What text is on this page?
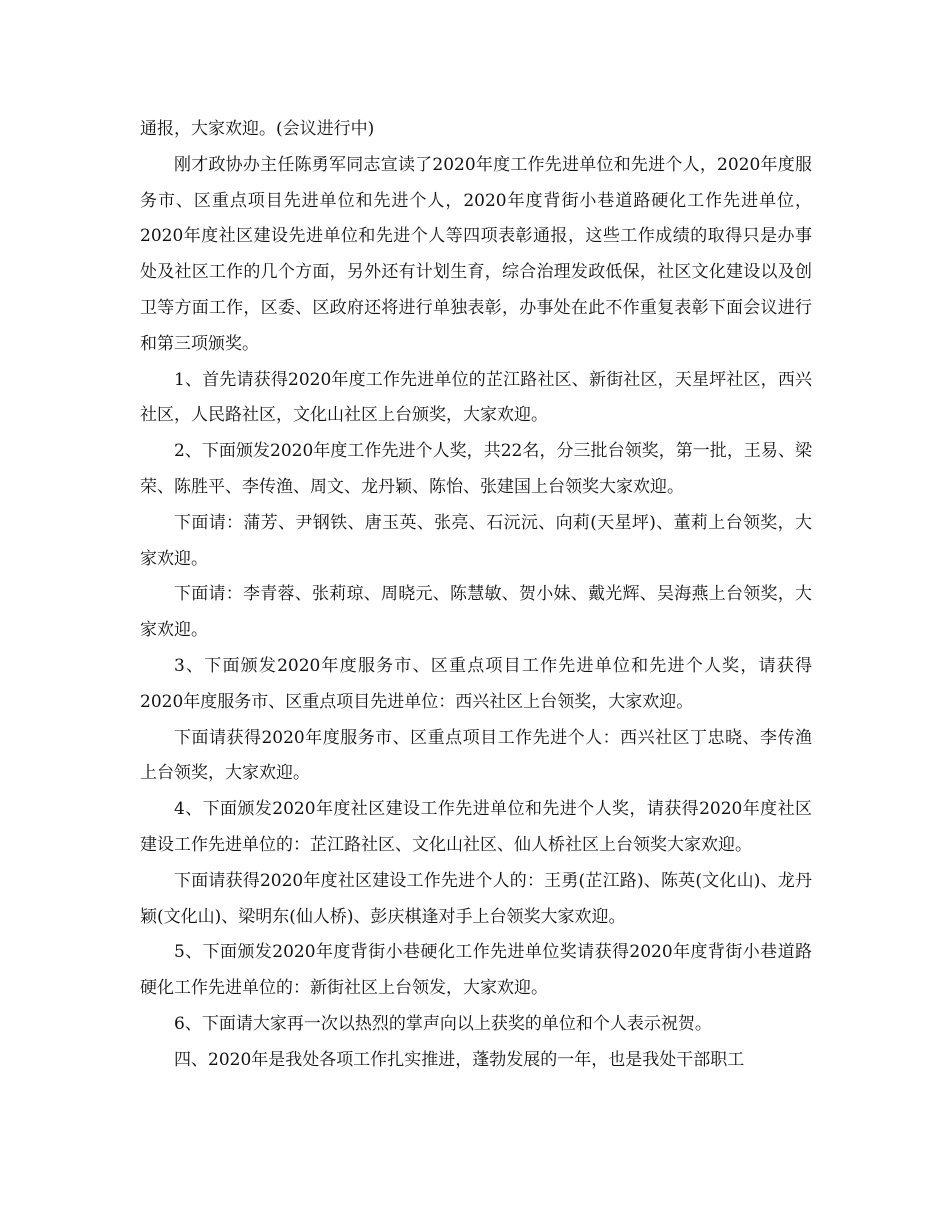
通报，大家欢迎。(会议进行中)

刚才政协办主任陈勇军同志宣读了2020年度工作先进单位和先进个人，2020年度服务市、区重点项目先进单位和先进个人，2020年度背街小巷道路硬化工作先进单位，2020年度社区建设先进单位和先进个人等四项表彰通报，这些工作成绩的取得只是办事处及社区工作的几个方面，另外还有计划生育，综合治理发政低保，社区文化建设以及创卫等方面工作，区委、区政府还将进行单独表彰，办事处在此不作重复表彰下面会议进行和第三项颁奖。

1、首先请获得2020年度工作先进单位的芷江路社区、新街社区，天星坪社区，西兴社区，人民路社区，文化山社区上台颁奖，大家欢迎。

2、下面颁发2020年度工作先进个人奖，共22名，分三批台领奖，第一批，王易、梁荣、陈胜平、李传渔、周文、龙丹颖、陈怡、张建国上台领奖大家欢迎。

下面请：蒲芳、尹钢铁、唐玉英、张亮、石沅沅、向莉(天星坪)、董莉上台领奖，大家欢迎。

下面请：李青蓉、张莉琼、周晓元、陈慧敏、贺小妹、戴光辉、吴海燕上台领奖，大家欢迎。

3、下面颁发2020年度服务市、区重点项目工作先进单位和先进个人奖，请获得2020年度服务市、区重点项目先进单位：西兴社区上台领奖，大家欢迎。

下面请获得2020年度服务市、区重点项目工作先进个人：西兴社区丁忠晓、李传渔上台领奖，大家欢迎。

4、下面颁发2020年度社区建设工作先进单位和先进个人奖，请获得2020年度社区建设工作先进单位的：芷江路社区、文化山社区、仙人桥社区上台领奖大家欢迎。

下面请获得2020年度社区建设工作先进个人的：王勇(芷江路)、陈英(文化山)、龙丹颖(文化山)、梁明东(仙人桥)、彭庆棋逢对手上台领奖大家欢迎。

5、下面颁发2020年度背街小巷硬化工作先进单位奖请获得2020年度背街小巷道路硬化工作先进单位的：新街社区上台领发，大家欢迎。

6、下面请大家再一次以热烈的掌声向以上获奖的单位和个人表示祝贺。

四、2020年是我处各项工作扎实推进，蓬勃发展的一年，也是我处干部职工
